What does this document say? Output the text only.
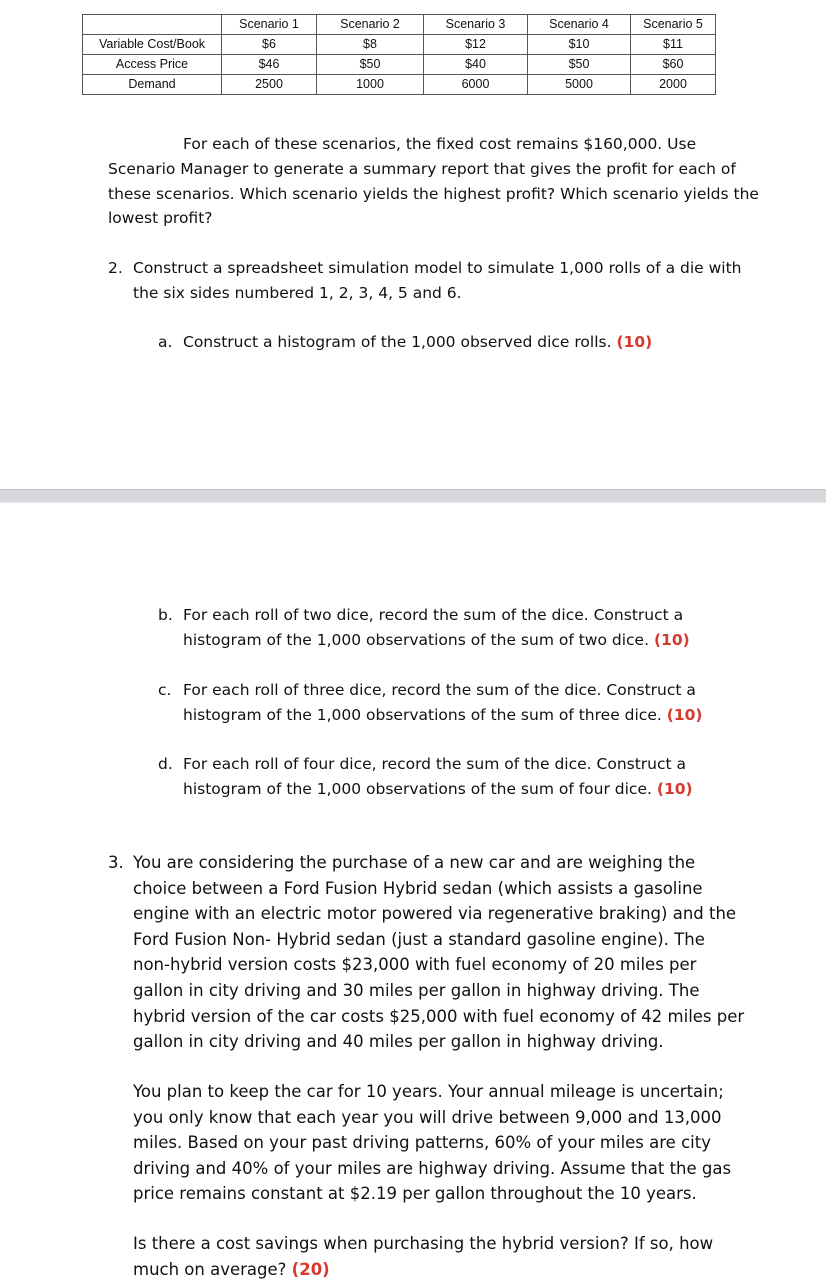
	Scenario 1	Scenario 2	Scenario 3	Scenario 4	Scenario 5
Variable Cost/Book	$6	$8	$12	$10	$11
Access Price	$46	$50	$40	$50	$60
Demand	2500	1000	6000	5000	2000
For each of these scenarios, the fixed cost remains $160,000. Use
Scenario Manager to generate a summary report that gives the profit for each of
these scenarios. Which scenario yields the highest profit? Which scenario yields the
lowest profit?
2. Construct a spreadsheet simulation model to simulate 1,000 rolls of a die with
the six sides numbered 1, 2, 3, 4, 5 and 6.
a. Construct a histogram of the 1,000 observed dice rolls. (10)
b. For each roll of two dice, record the sum of the dice. Construct a
histogram of the 1,000 observations of the sum of two dice. (10)
c. For each roll of three dice, record the sum of the dice. Construct a
histogram of the 1,000 observations of the sum of three dice. (10)
d. For each roll of four dice, record the sum of the dice. Construct a
histogram of the 1,000 observations of the sum of four dice. (10)
3. You are considering the purchase of a new car and are weighing the
choice between a Ford Fusion Hybrid sedan (which assists a gasoline
engine with an electric motor powered via regenerative braking) and the
Ford Fusion Non- Hybrid sedan (just a standard gasoline engine). The
non-hybrid version costs $23,000 with fuel economy of 20 miles per
gallon in city driving and 30 miles per gallon in highway driving. The
hybrid version of the car costs $25,000 with fuel economy of 42 miles per
gallon in city driving and 40 miles per gallon in highway driving.
You plan to keep the car for 10 years. Your annual mileage is uncertain;
you only know that each year you will drive between 9,000 and 13,000
miles. Based on your past driving patterns, 60% of your miles are city
driving and 40% of your miles are highway driving. Assume that the gas
price remains constant at $2.19 per gallon throughout the 10 years.
Is there a cost savings when purchasing the hybrid version? If so, how
much on average? (20)
